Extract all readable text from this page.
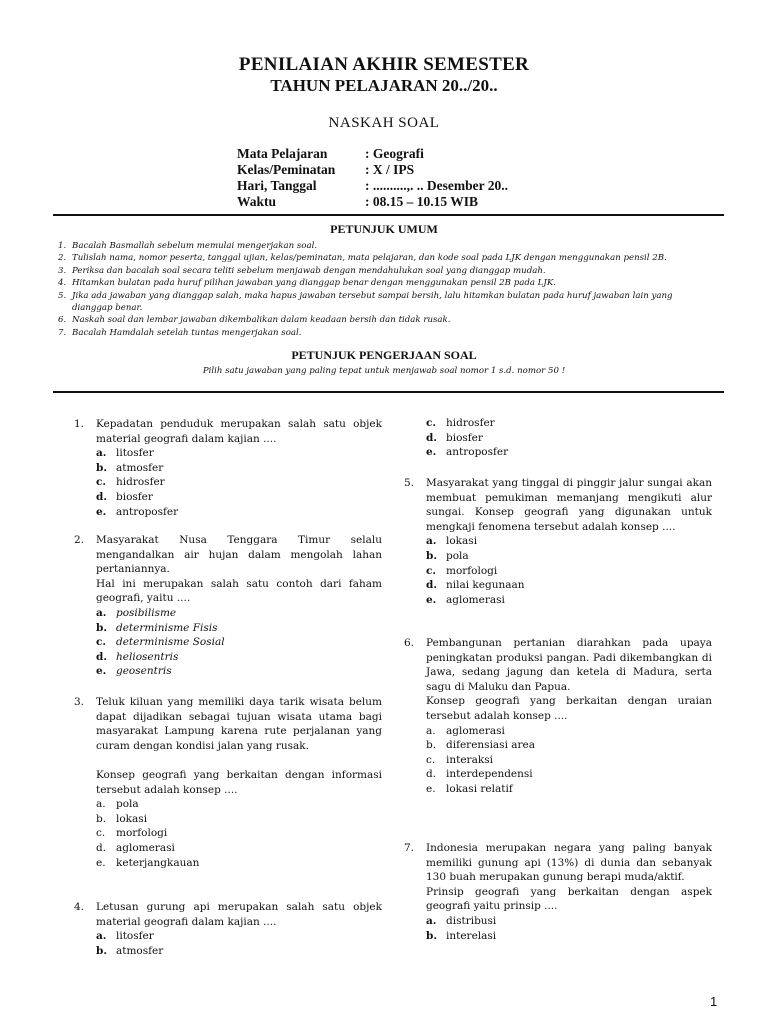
PENILAIAN AKHIR SEMESTER
TAHUN PELAJARAN 20../20..
NASKAH SOAL
Mata Pelajaran	: Geografi
Kelas/Peminatan : X / IPS
Hari, Tanggal	: ..........,. .. Desember 20..
Waktu	: 08.15 – 10.15 WIB
PETUNJUK UMUM
1. Bacalah Basmallah sebelum memulai mengerjakan soal.
2. Tulislah nama, nomor peserta, tanggal ujian, kelas/peminatan, mata pelajaran, dan kode soal pada LJK dengan menggunakan pensil 2B.
3. Periksa dan bacalah soal secara teliti sebelum menjawab dengan mendahulukan soal yang dianggap mudah.
4. Hitamkan bulatan pada huruf pilihan jawaban yang dianggap benar dengan menggunakan pensil 2B pada LJK.
5. Jika ada jawaban yang dianggap salah, maka hapus jawaban tersebut sampai bersih, lalu hitamkan bulatan pada huruf jawaban lain yang dianggap benar.
6. Naskah soal dan lembar jawaban dikembalikan dalam keadaan bersih dan tidak rusak.
7. Bacalah Hamdalah setelah tuntas mengerjakan soal.
PETUNJUK PENGERJAAN SOAL
Pilih satu jawaban yang paling tepat untuk menjawab soal nomor 1 s.d. nomor 50 !
1.	Kepadatan penduduk merupakan salah satu objek material geografi dalam kajian ....
a. litosfer
b. atmosfer
c. hidrosfer
d. biosfer
e. antroposfer
2.	Masyarakat Nusa Tenggara Timur selalu mengandalkan air hujan dalam mengolah lahan pertaniannya.

Hal ini merupakan salah satu contoh dari faham geografi, yaitu ....

a. posibilisme
b. determinisme Fisis
c. determinisme Sosial
d. heliosentris
e. geosentris
3.	Teluk kiluan yang memiliki daya tarik wisata belum dapat dijadikan sebagai tujuan wisata utama bagi masyarakat Lampung karena rute perjalanan yang curam dengan kondisi jalan yang rusak.

Konsep geografi yang berkaitan dengan informasi tersebut adalah konsep ....

a. pola
b. lokasi
c.	morfologi
d. aglomerasi
e. keterjangkauan
4.	Letusan gurung api merupakan salah satu objek material geografi dalam kajian ....
a. litosfer
b. atmosfer
c. hidrosfer
d. biosfer
e. antroposfer
5.	Masyarakat yang tinggal di pinggir jalur sungai akan membuat pemukiman memanjang mengikuti alur sungai. Konsep geografi yang digunakan untuk mengkaji fenomena tersebut adalah konsep ....
a. lokasi
b. pola
c. morfologi
d. nilai kegunaan
e. aglomerasi
6.	Pembangunan pertanian diarahkan pada upaya peningkatan produksi pangan. Padi dikembangkan di Jawa, sedang jagung dan ketela di Madura, serta sagu di Maluku dan Papua.

Konsep geografi yang berkaitan dengan uraian tersebut adalah konsep ....

a. aglomerasi
b. diferensiasi area
c.	interaksi
d. interdependensi
e. lokasi relatif
7.	Indonesia merupakan negara yang paling banyak memiliki gunung api (13%) di dunia dan sebanyak 130 buah merupakan gunung berapi muda/aktif.

Prinsip geografi yang berkaitan dengan aspek geografi yaitu prinsip ....

a. distribusi
b. interelasi
1
